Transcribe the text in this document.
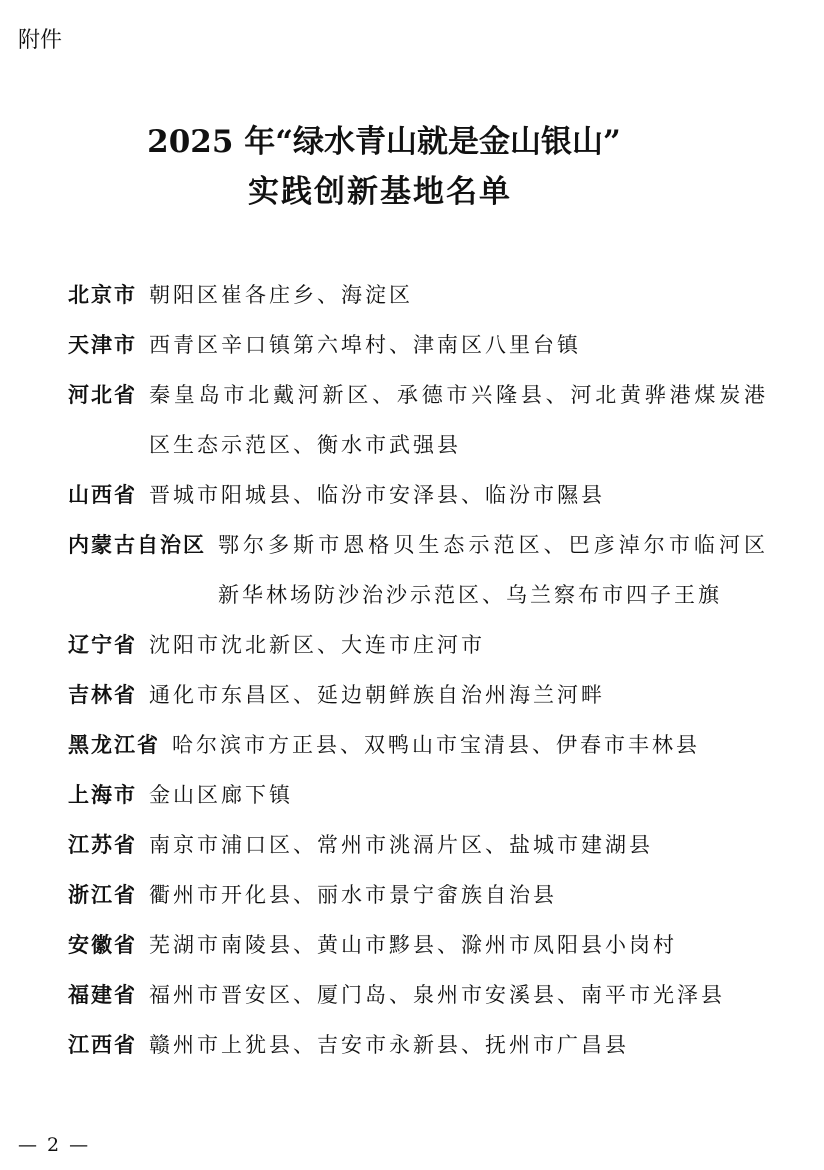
附件
2025 年“绿水青山就是金山银山”
实践创新基地名单
北京市 朝阳区崔各庄乡、海淀区
天津市 西青区辛口镇第六埠村、津南区八里台镇
河北省 秦皇岛市北戴河新区、承德市兴隆县、河北黄骅港煤炭港区生态示范区、衡水市武强县
山西省 晋城市阳城县、临汾市安泽县、临汾市隰县
内蒙古自治区 鄂尔多斯市恩格贝生态示范区、巴彦淖尔市临河区新华林场防沙治沙示范区、乌兰察布市四子王旗
辽宁省 沈阳市沈北新区、大连市庄河市
吉林省 通化市东昌区、延边朝鲜族自治州海兰河畔
黑龙江省 哈尔滨市方正县、双鸭山市宝清县、伊春市丰林县
上海市 金山区廊下镇
江苏省 南京市浦口区、常州市洮滆片区、盐城市建湖县
浙江省 衢州市开化县、丽水市景宁畲族自治县
安徽省 芜湖市南陵县、黄山市黟县、滁州市凤阳县小岗村
福建省 福州市晋安区、厦门岛、泉州市安溪县、南平市光泽县
江西省 赣州市上犹县、吉安市永新县、抚州市广昌县
— 2 —
